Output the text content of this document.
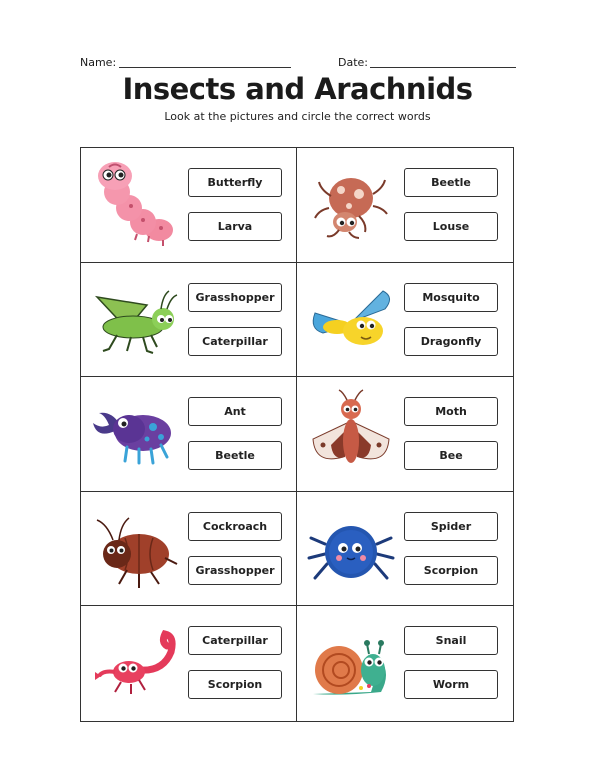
Name:	Date:
Insects and Arachnids
Look at the pictures and circle the correct words
Butterfly
Larva
Beetle
Louse
Grasshopper
Caterpillar
Mosquito
Dragonfly
Ant
Beetle
Moth
Bee
Cockroach
Grasshopper
Spider
Scorpion
Caterpillar
Scorpion
Snail
Worm
